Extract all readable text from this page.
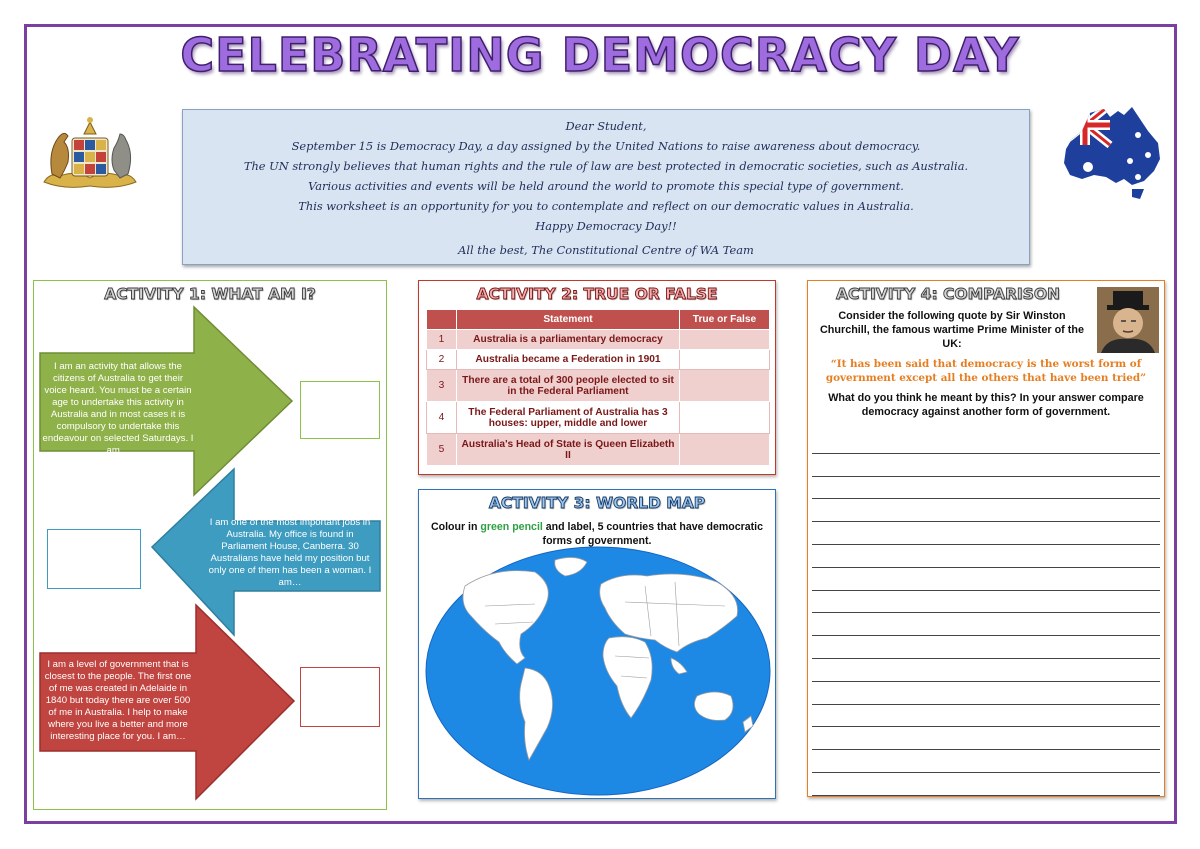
CELEBRATING DEMOCRACY DAY
Dear Student,
September 15 is Democracy Day, a day assigned by the United Nations to raise awareness about democracy.
The UN strongly believes that human rights and the rule of law are best protected in democratic societies, such as Australia.
Various activities and events will be held around the world to promote this special type of government.
This worksheet is an opportunity for you to contemplate and reflect on our democratic values in Australia.
Happy Democracy Day!!
All the best, The Constitutional Centre of WA Team
ACTIVITY 1: WHAT AM I?
I am an activity that allows the citizens of Australia to get their voice heard. You must be a certain age to undertake this activity in Australia and in most cases it is compulsory to undertake this endeavour on selected Saturdays. I am…
I am one of the most important jobs in Australia. My office is found in Parliament House, Canberra. 30 Australians have held my position but only one of them has been a woman. I am…
I am a level of government that is closest to the people. The first one of me was created in Adelaide in 1840 but today there are over 500 of me in Australia. I help to make where you live a better and more interesting place for you. I am…
ACTIVITY 2: TRUE OR FALSE
	Statement	True or False
1	Australia is a parliamentary democracy	
2	Australia became a Federation in 1901	
3	There are a total of 300 people elected to sit in the Federal Parliament	
4	The Federal Parliament of Australia has 3 houses: upper, middle and lower	
5	Australia's Head of State is Queen Elizabeth II	
ACTIVITY 3: WORLD MAP
Colour in green pencil and label, 5 countries that have democratic forms of government.
ACTIVITY 4: COMPARISON
Consider the following quote by Sir Winston Churchill, the famous wartime Prime Minister of the UK:
“It has been said that democracy is the worst form of government except all the others that have been tried”
What do you think he meant by this? In your answer compare democracy against another form of government.
